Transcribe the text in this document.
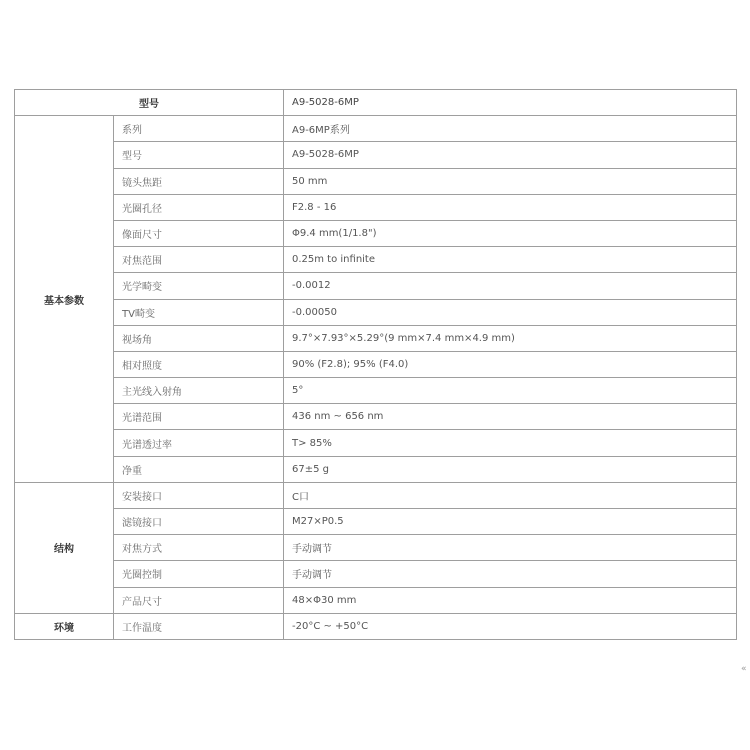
型号		A9-5028-6MP
基本参数	系列	A9-6MP系列
	型号	A9-5028-6MP
	镜头焦距	50 mm
	光圈孔径	F2.8 - 16
	像面尺寸	Φ9.4 mm(1/1.8")
	对焦范围	0.25m to infinite
	光学畸变	-0.0012
	TV畸变	-0.00050
	视场角	9.7°×7.93°×5.29°(9 mm×7.4 mm×4.9 mm)
	相对照度	90% (F2.8); 95% (F4.0)
	主光线入射角	5°
	光谱范围	436 nm ~ 656 nm
	光谱透过率	T> 85%
	净重	67±5 g
结构	安装接口	C口
	滤镜接口	M27×P0.5
	对焦方式	手动调节
	光圈控制	手动调节
	产品尺寸	48×Φ30 mm
环境	工作温度	-20°C ~ +50°C
«
